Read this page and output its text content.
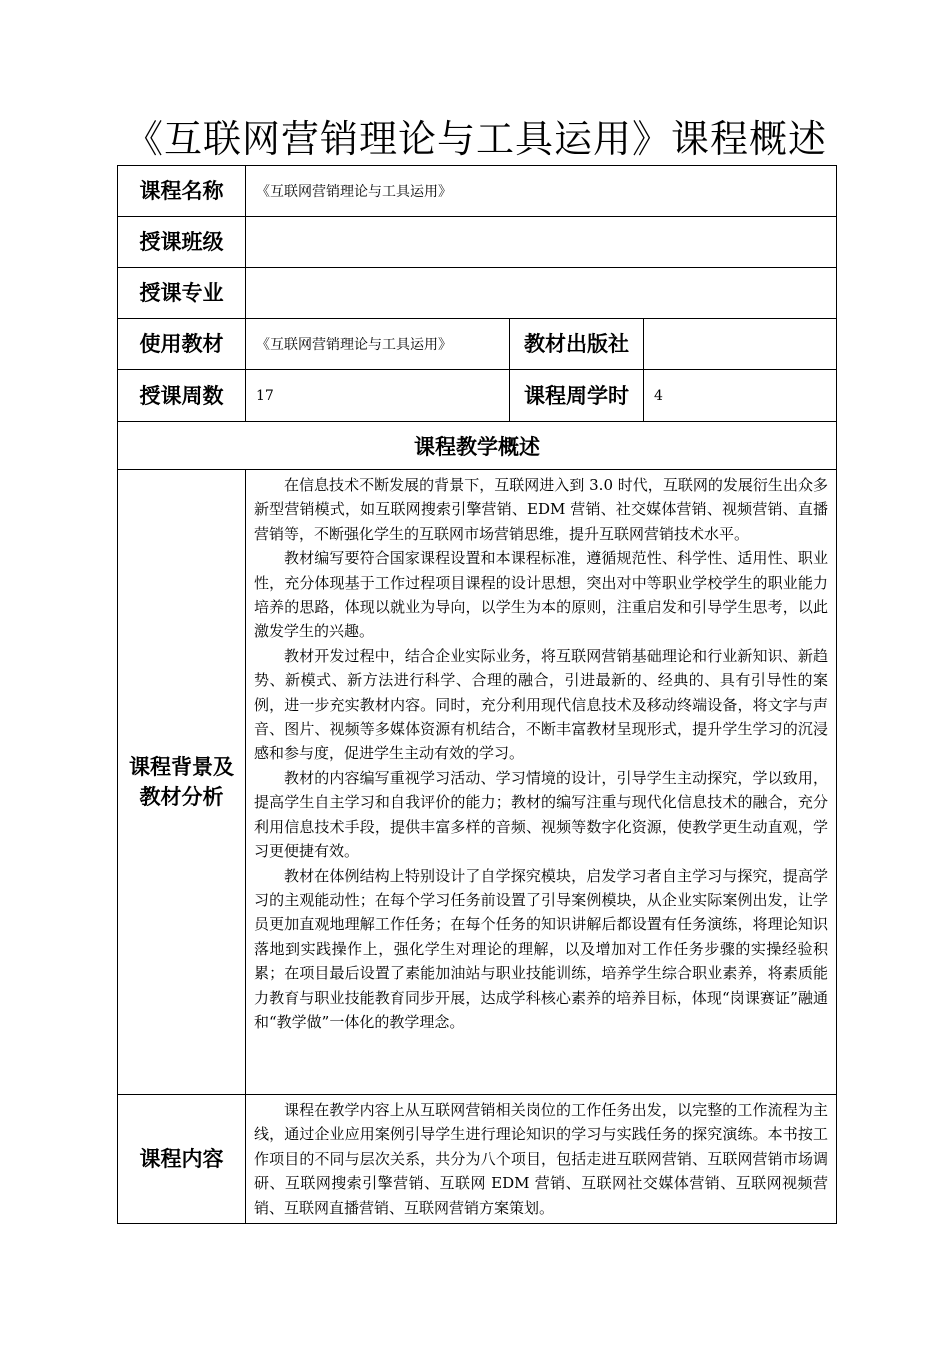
《互联网营销理论与工具运用》课程概述
课程名称	《互联网营销理论与工具运用》		
授课班级			
授课专业			
使用教材	《互联网营销理论与工具运用》	教材出版社	
授课周数	17	课程周学时	4
课程教学概述			
课程背景及教材分析	在信息技术不断发展的背景下，互联网进入到 3.0 时代，互联网的发展衍生出众多新型营销模式，如互联网搜索引擎营销、EDM 营销、社交媒体营销、视频营销、直播营销等，不断强化学生的互联网市场营销思维，提升互联网营销技术水平。

教材编写要符合国家课程设置和本课程标准，遵循规范性、科学性、适用性、职业性，充分体现基于工作过程项目课程的设计思想，突出对中等职业学校学生的职业能力培养的思路，体现以就业为导向，以学生为本的原则，注重启发和引导学生思考，以此激发学生的兴趣。

教材开发过程中，结合企业实际业务，将互联网营销基础理论和行业新知识、新趋势、新模式、新方法进行科学、合理的融合，引进最新的、经典的、具有引导性的案例，进一步充实教材内容。同时，充分利用现代信息技术及移动终端设备，将文字与声音、图片、视频等多媒体资源有机结合，不断丰富教材呈现形式，提升学生学习的沉浸感和参与度，促进学生主动有效的学习。

教材的内容编写重视学习活动、学习情境的设计，引导学生主动探究，学以致用，提高学生自主学习和自我评价的能力；教材的编写注重与现代化信息技术的融合，充分利用信息技术手段，提供丰富多样的音频、视频等数字化资源，使教学更生动直观，学习更便捷有效。

教材在体例结构上特别设计了自学探究模块，启发学习者自主学习与探究，提高学习的主观能动性；在每个学习任务前设置了引导案例模块，从企业实际案例出发，让学员更加直观地理解工作任务；在每个任务的知识讲解后都设置有任务演练，将理论知识落地到实践操作上，强化学生对理论的理解，以及增加对工作任务步骤的实操经验积累；在项目最后设置了素能加油站与职业技能训练，培养学生综合职业素养，将素质能力教育与职业技能教育同步开展，达成学科核心素养的培养目标，体现“岗课赛证”融通和“教学做”一体化的教学理念。		

课程内容	课程在教学内容上从互联网营销相关岗位的工作任务出发，以完整的工作流程为主线，通过企业应用案例引导学生进行理论知识的学习与实践任务的探究演练。本书按工作项目的不同与层次关系，共分为八个项目，包括走进互联网营销、互联网营销市场调研、互联网搜索引擎营销、互联网 EDM 营销、互联网社交媒体营销、互联网视频营销、互联网直播营销、互联网营销方案策划。		
